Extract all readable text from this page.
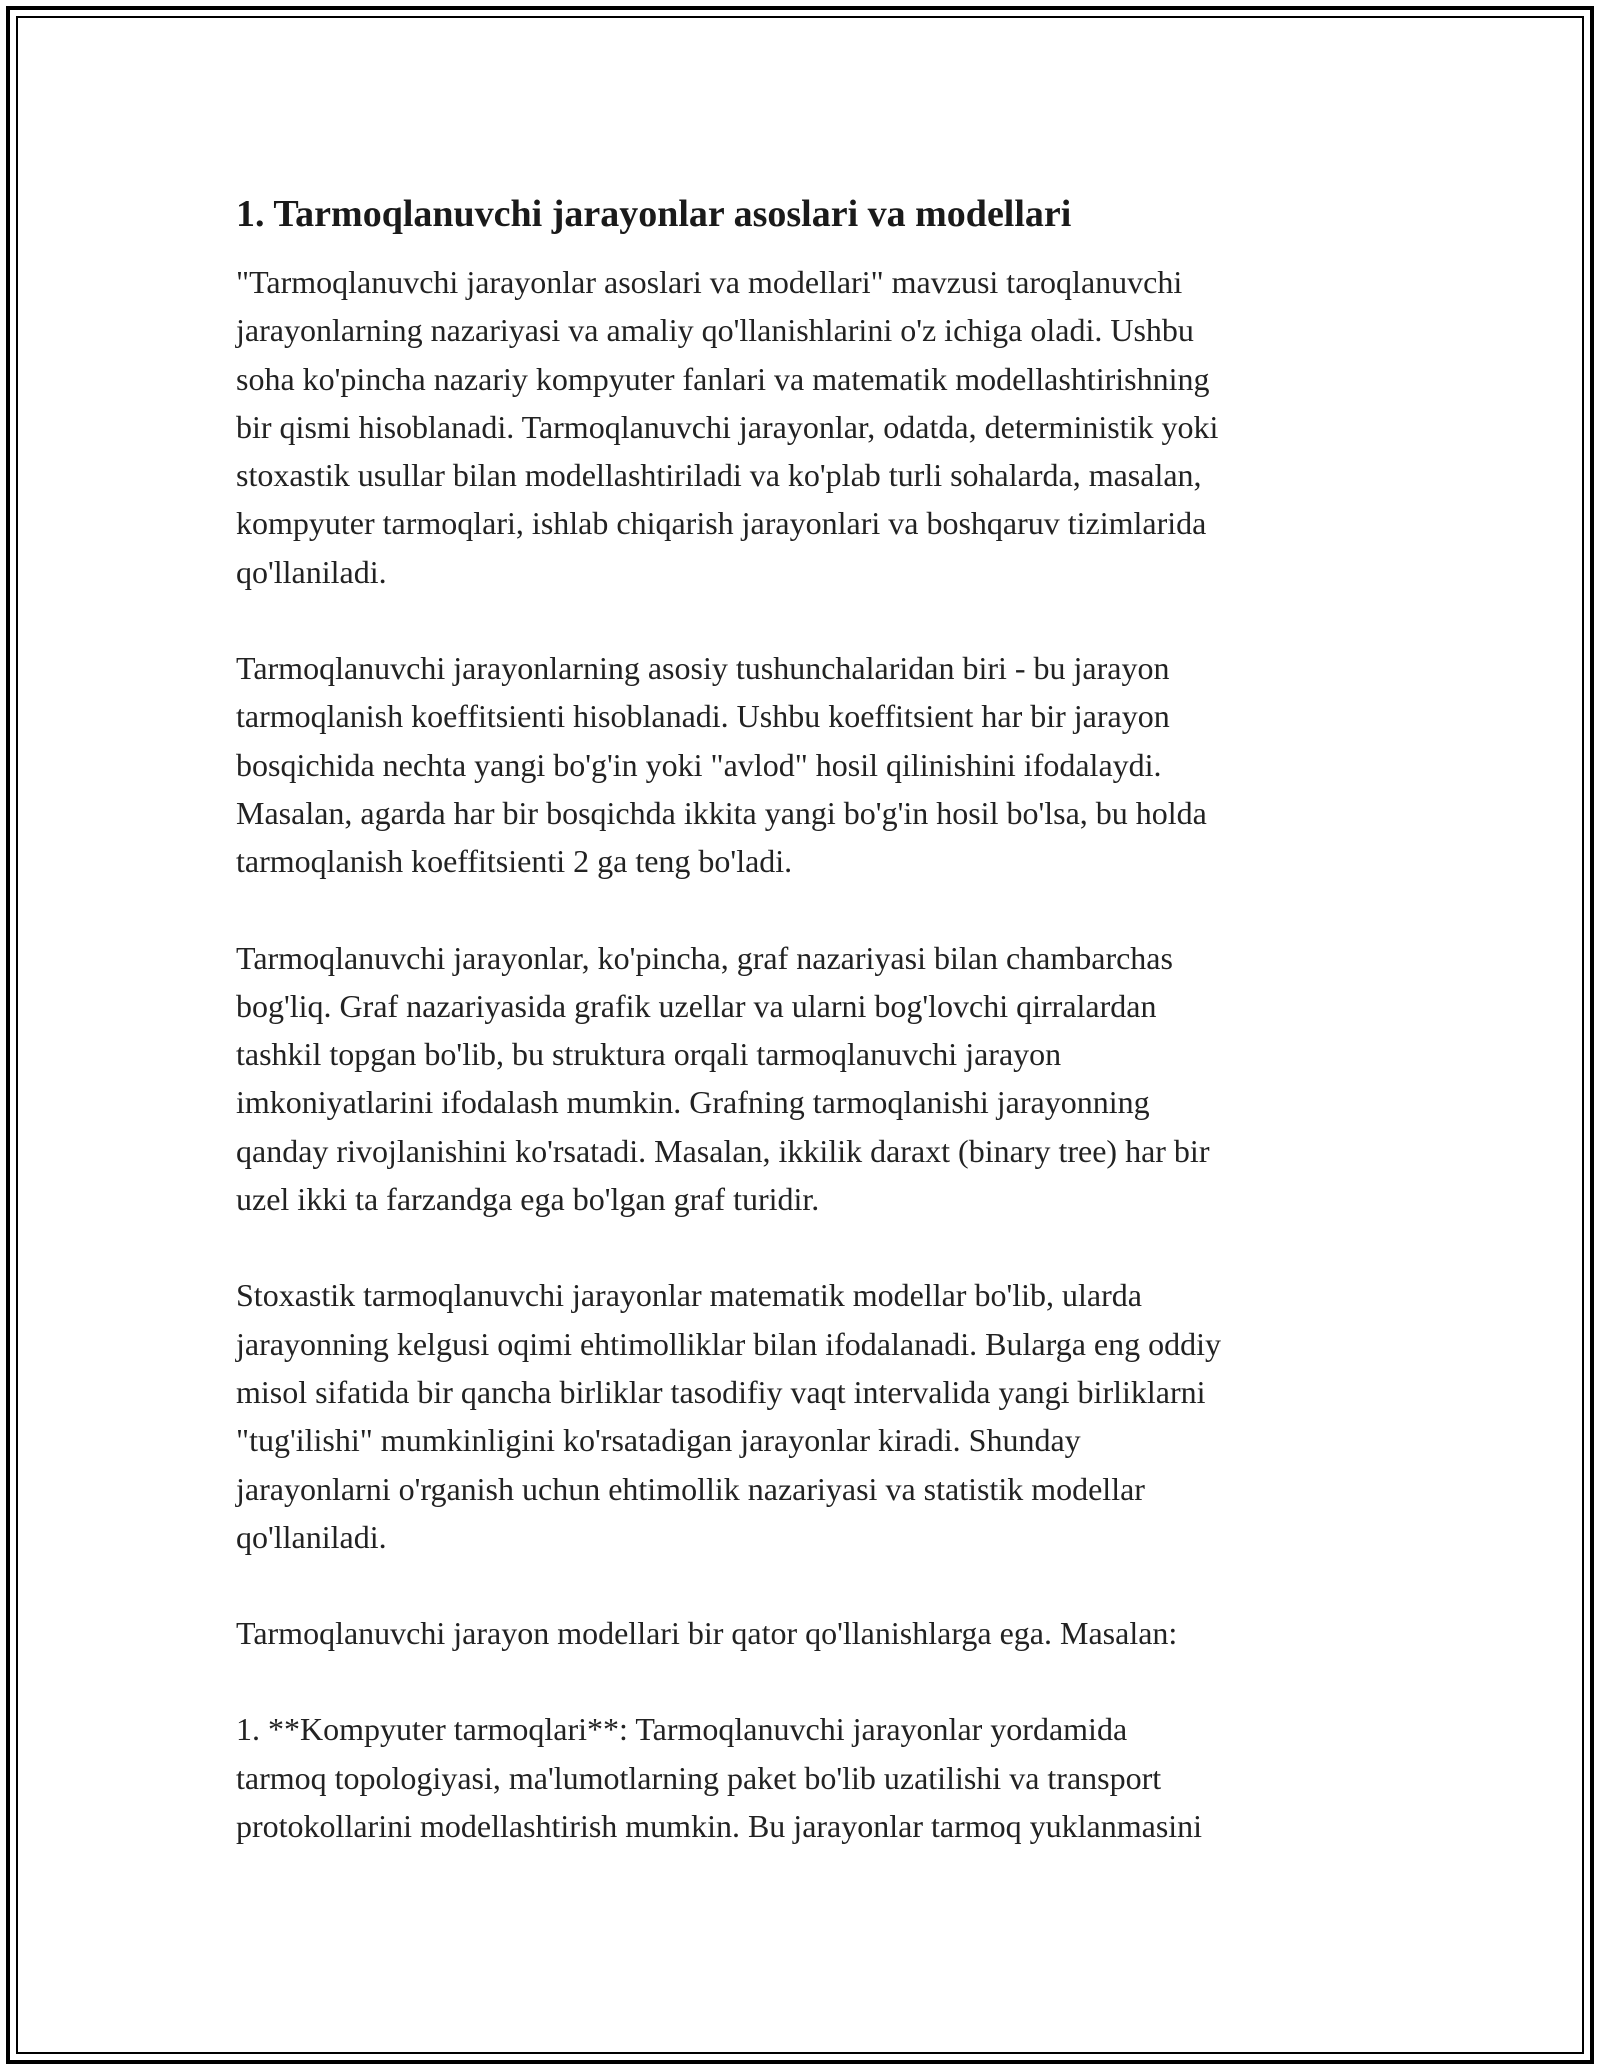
1. Tarmoqlanuvchi jarayonlar asoslari va modellari
"Tarmoqlanuvchi jarayonlar asoslari va modellari" mavzusi taroqlanuvchi
jarayonlarning nazariyasi va amaliy qo'llanishlarini o'z ichiga oladi. Ushbu
soha ko'pincha nazariy kompyuter fanlari va matematik modellashtirishning
bir qismi hisoblanadi. Tarmoqlanuvchi jarayonlar, odatda, deterministik yoki
stoxastik usullar bilan modellashtiriladi va ko'plab turli sohalarda, masalan,
kompyuter tarmoqlari, ishlab chiqarish jarayonlari va boshqaruv tizimlarida
qo'llaniladi.
Tarmoqlanuvchi jarayonlarning asosiy tushunchalaridan biri - bu jarayon
tarmoqlanish koeffitsienti hisoblanadi. Ushbu koeffitsient har bir jarayon
bosqichida nechta yangi bo'g'in yoki "avlod" hosil qilinishini ifodalaydi.
Masalan, agarda har bir bosqichda ikkita yangi bo'g'in hosil bo'lsa, bu holda
tarmoqlanish koeffitsienti 2 ga teng bo'ladi.
Tarmoqlanuvchi jarayonlar, ko'pincha, graf nazariyasi bilan chambarchas
bog'liq. Graf nazariyasida grafik uzellar va ularni bog'lovchi qirralardan
tashkil topgan bo'lib, bu struktura orqali tarmoqlanuvchi jarayon
imkoniyatlarini ifodalash mumkin. Grafning tarmoqlanishi jarayonning
qanday rivojlanishini ko'rsatadi. Masalan, ikkilik daraxt (binary tree) har bir
uzel ikki ta farzandga ega bo'lgan graf turidir.
Stoxastik tarmoqlanuvchi jarayonlar matematik modellar bo'lib, ularda
jarayonning kelgusi oqimi ehtimolliklar bilan ifodalanadi. Bularga eng oddiy
misol sifatida bir qancha birliklar tasodifiy vaqt intervalida yangi birliklarni
"tug'ilishi" mumkinligini ko'rsatadigan jarayonlar kiradi. Shunday
jarayonlarni o'rganish uchun ehtimollik nazariyasi va statistik modellar
qo'llaniladi.
Tarmoqlanuvchi jarayon modellari bir qator qo'llanishlarga ega. Masalan:
1. **Kompyuter tarmoqlari**: Tarmoqlanuvchi jarayonlar yordamida
tarmoq topologiyasi, ma'lumotlarning paket bo'lib uzatilishi va transport
protokollarini modellashtirish mumkin. Bu jarayonlar tarmoq yuklanmasini
